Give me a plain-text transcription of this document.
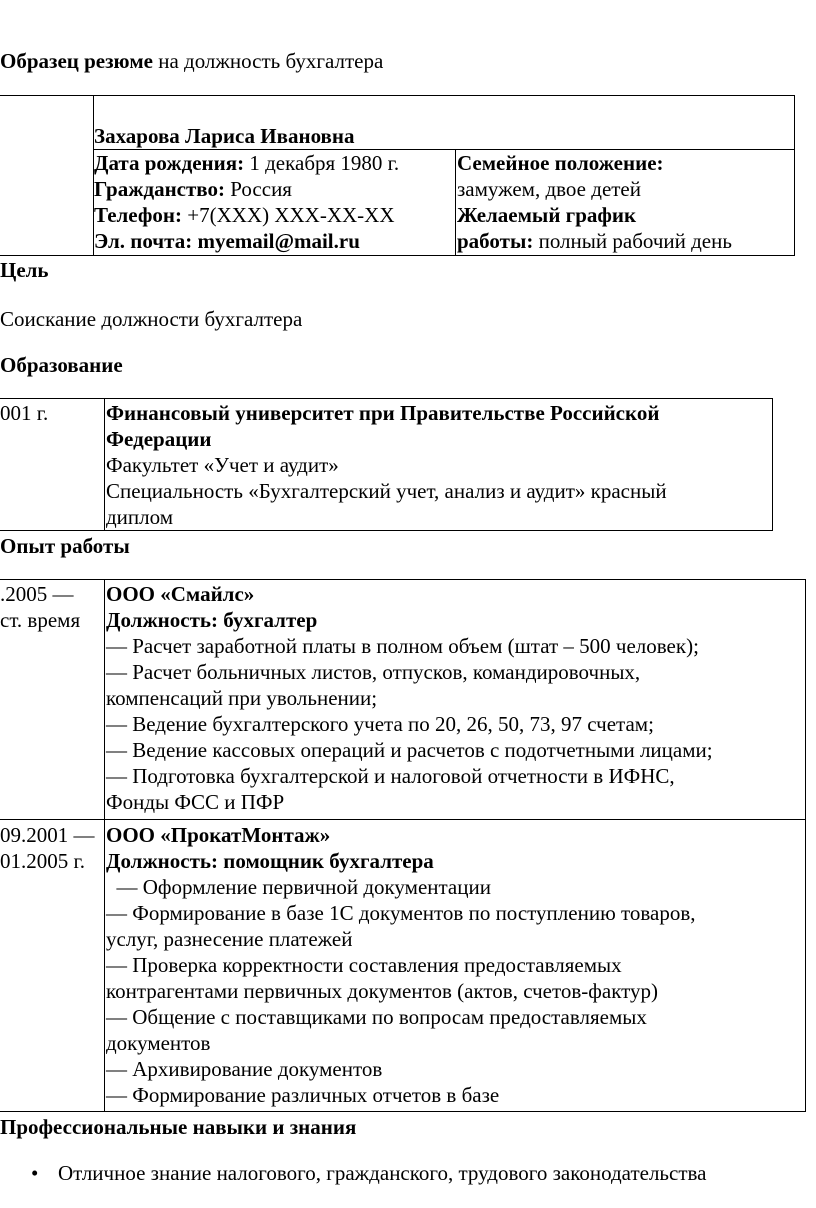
Образец резюме на должность бухгалтера
Захарова Лариса Ивановна
Дата рождения: 1 декабря 1980 г.
Гражданство: Россия
Телефон: +7(XXX) XXX-XX-XX
Эл. почта: myemail@mail.ru
Семейное положение:
замужем, двое детей
Желаемый график
работы: полный рабочий день
Цель
Соискание должности бухгалтера
Образование
001 г.	Финансовый университет при Правительстве Российской
Федерации
Факультет «Учет и аудит»
Специальность «Бухгалтерский учет, анализ и аудит» красный
диплом
Опыт работы
.2005 —
ст. время
ООО «Смайлс»
Должность: бухгалтер
— Расчет заработной платы в полном объем (штат – 500 человек);
— Расчет больничных листов, отпусков, командировочных,
компенсаций при увольнении;
— Ведение бухгалтерского учета по 20, 26, 50, 73, 97 счетам;
— Ведение кассовых операций и расчетов с подотчетными лицами;
— Подготовка бухгалтерской и налоговой отчетности в ИФНС,
Фонды ФСС и ПФР
09.2001 —
01.2005 г.
ООО «ПрокатМонтаж»
Должность: помощник бухгалтера
— Оформление первичной документации
— Формирование в базе 1С документов по поступлению товаров,
услуг, разнесение платежей
— Проверка корректности составления предоставляемых
контрагентами первичных документов (актов, счетов-фактур)
— Общение с поставщиками по вопросам предоставляемых
документов
— Архивирование документов
— Формирование различных отчетов в базе
Профессиональные навыки и знания
• Отличное знание налогового, гражданского, трудового законодательства
